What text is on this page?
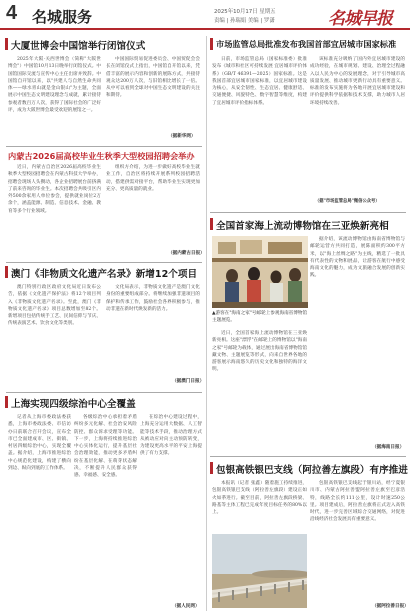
4 名城服务	2025年10月17日 星期五
责编 | 孙瑞娟 美编 | 罗潇	名城早报
大厦世博会中国馆举行闭馆仪式
2025年大阪·关西世博会（简称"大阪世博会"）中国馆10月13日晚举行闭馆仪式。中国馆国际交流与宣传中心主任出席并致辞。中国馆自开馆以来，以"共建人与自然生命共同体——绿水青山就是金山银山"为主题，全面展示中国生态文明建设理念与成就，累计接待参观者数百万人次，获得了国际社会的广泛好评，成为大阪世博会最受欢迎的展馆之一。
中国国际贸易促进委员会、中国贸促会会长在闭馆仪式上指出，中国馆自开馆以来，凭借丰富的展示内容和创新的展陈方式，共接待观众达200万人次，与旧馆相比增长了一倍。从中可以看到全球对中国生态文明建设的关注和期待。
（据新华网）
内蒙古2026届高校毕业生秋季大型校园招聘会举办
近日，内蒙古自治区2026届高校毕业生秋季大型校园招聘会在内蒙古科技大学举办，招聘会现场人头攒动，各企业招聘展台前挤满了前来咨询的毕业生。本次招聘会共吸引区内外500余家用人单位参会，提供就业岗位2万余个，涵盖能源、制造、信息技术、金融、教育等多个行业领域。
组织方介绍，为进一步做好高校毕业生就业工作，自治区将持续开展系列校园招聘活动，搭建供需对接平台，帮助毕业生实现更加充分、更高质量的就业。
（据内蒙古日报）
澳门《非物质文化遗产名录》新增12个项目
澳门特别行政区政府文化局近日发布公告，依据《文化遗产保护法》将12个项目列入《非物质文化遗产名录》。至此，澳门《非物质文化遗产名录》项目总数增加至82个。新增项目包括传统手工艺、民间信仰与节庆、传统表演艺术、饮食文化等类别。
文化局表示，非物质文化遗产是澳门文化身份的重要组成部分。将继续加强非遗项目的保护和传承工作，鼓励社会各界积极参与，推动非遗在新时代焕发新的活力。
（据澳门日报）
上海实现四级综治中心全覆盖
记者从上海市委政法委获悉，上海市委政法委、市信访办日前联合召开会议，宣布全市已全面建成市、区、街镇、村居四级综治中心，实现全覆盖。据介绍，上海市推进综治中心规范化建设，构建了横向到边、纵向到底的工作体系。
各级综治中心承担着矛盾纠纷多元化解、社会治安风险防控、群众诉求受理等功能。下一步，上海将持续推进综治中心实体化运行，提升基层社会治理效能，推动更多矛盾纠纷在基层化解、在萌芽状态解决，不断提升人民群众获得感、幸福感、安全感。
在综治中心建设过程中，上海充分运用大数据、人工智能等技术手段，推动治理方式从被动应对向主动预防转变，为建设更高水平的平安上海提供了有力支撑。
（据人民网）
市场监管总局批准发布我国首部宜居城市国家标准
日前，市场监管总局（国家标准委）批准发布《城市和社区可持续发展 宜居城市评价体系》（GB/T 46391—2025）国家标准。这是我国首部宜居城市国家标准，以宜居城市建设为核心，从安全韧性、生态宜居、健康舒适、交通便捷、风貌特色、数字智慧等维度，构建了宜居城市评价指标体系。
该标准充分吸纳了国内外宜居城市建设的成功经验，在城市规划、建设、治理全过程融入以人民为中心的发展理念，对于引导城市高质量发展、推动城市更新行动具有重要意义。标准的发布实施将为各地开展宜居城市建设和评价提供科学依据和技术支撑，助力城市人居环境持续改善。
（据"市场监管总局"微信公众号）
全国首家海上流动博物馆在三亚焕新亮相
▲游客在"海南之家"号邮轮上参观海南省博物馆主题展览。
近日，全国首家海上流动博物馆在三亚焕新亮相。这座"漂浮"在邮轮上的博物馆以"海南之家"号邮轮为载体，通过展出海南省博物馆馆藏文物、主题展览等形式，向来自世界各地的游客展示海南悠久的历史文化和独特的海洋文明。
据介绍，该流动博物馆由海南省博物馆与邮轮运营方共同打造，展陈面积约300平方米，以"海上丝绸之路"为主线，精选了一批具有代表性的文物和展品，让游客在航行中感受海南文化的魅力，成为文旅融合发展的创新实践。
（据海南日报）
包银高铁银巴支线（阿拉善左旗段）有序推进
本报讯（记者 张鑫）随着施工持续推进，包银高铁银巴支线（阿拉善左旗段）建设正如火如荼进行。截至目前，阿拉善左旗段桥梁、路基等主体工程已完成年度目标任务的80%以上。
包银高铁银巴支线起于银川站，经宁夏银川市、内蒙古阿拉善盟阿拉善左旗至巴彦浩特，线路全长约111公里，设计时速250公里。项目建成后，阿拉善左旗将正式迈入高铁时代，进一步完善区域综合交通网络，对促进沿线经济社会发展具有重要意义。
（据阿拉善日报）
